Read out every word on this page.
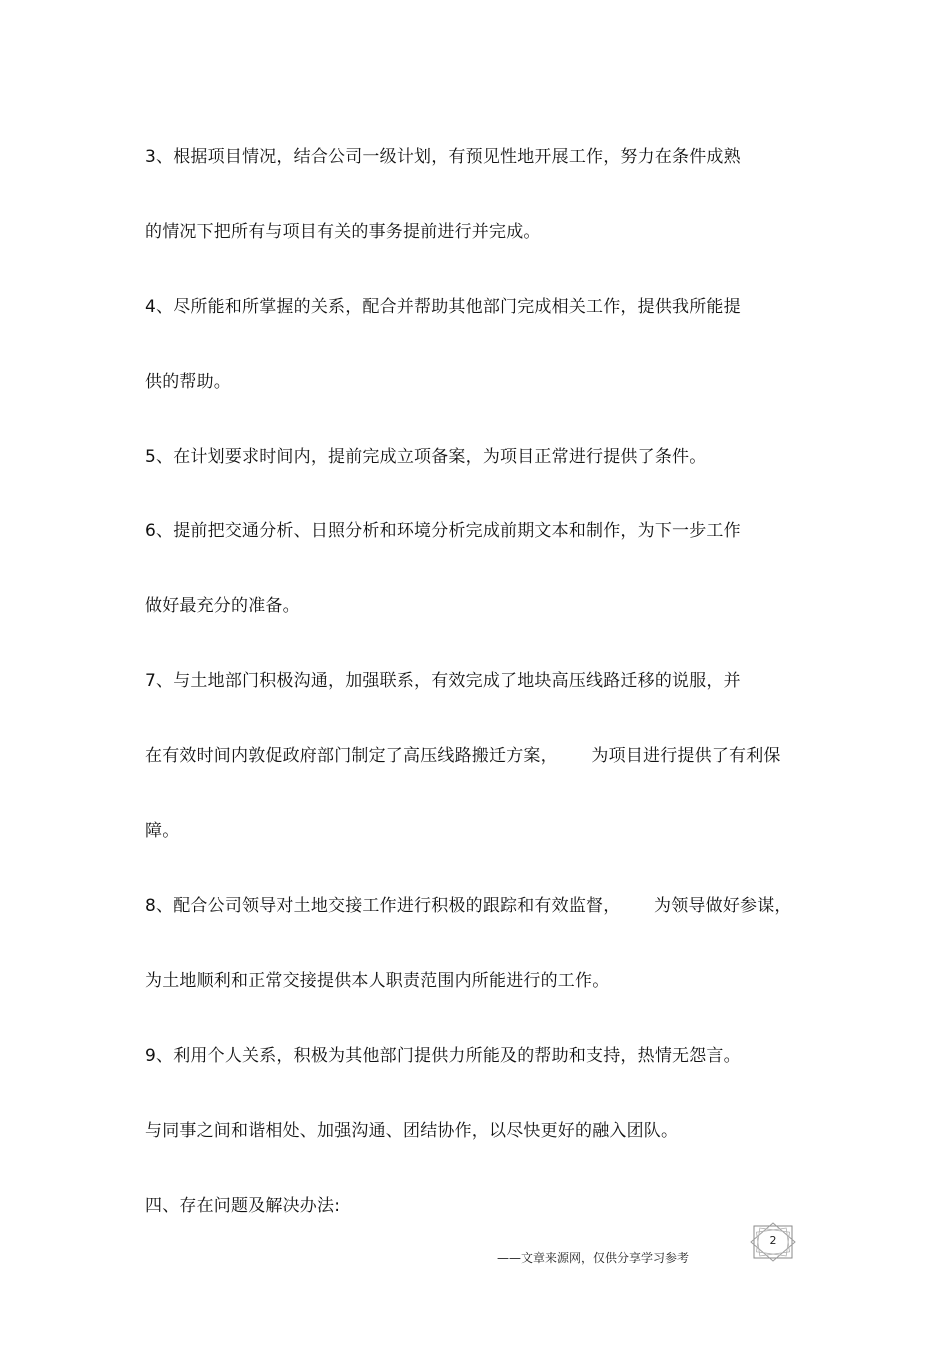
3、根据项目情况，结合公司一级计划，有预见性地开展工作，努力在条件成熟
的情况下把所有与项目有关的事务提前进行并完成。
4、尽所能和所掌握的关系，配合并帮助其他部门完成相关工作，提供我所能提
供的帮助。
5、在计划要求时间内，提前完成立项备案，为项目正常进行提供了条件。
6、提前把交通分析、日照分析和环境分析完成前期文本和制作，为下一步工作
做好最充分的准备。
7、与土地部门积极沟通，加强联系，有效完成了地块高压线路迁移的说服，并
在有效时间内敦促政府部门制定了高压线路搬迁方案，      为项目进行提供了有利保
障。
8、配合公司领导对土地交接工作进行积极的跟踪和有效监督，      为领导做好参谋，
为土地顺利和正常交接提供本人职责范围内所能进行的工作。
9、利用个人关系，积极为其他部门提供力所能及的帮助和支持，热情无怨言。
与同事之间和谐相处、加强沟通、团结协作，以尽快更好的融入团队。
四、存在问题及解决办法:
2
——文章来源网，仅供分享学习参考
